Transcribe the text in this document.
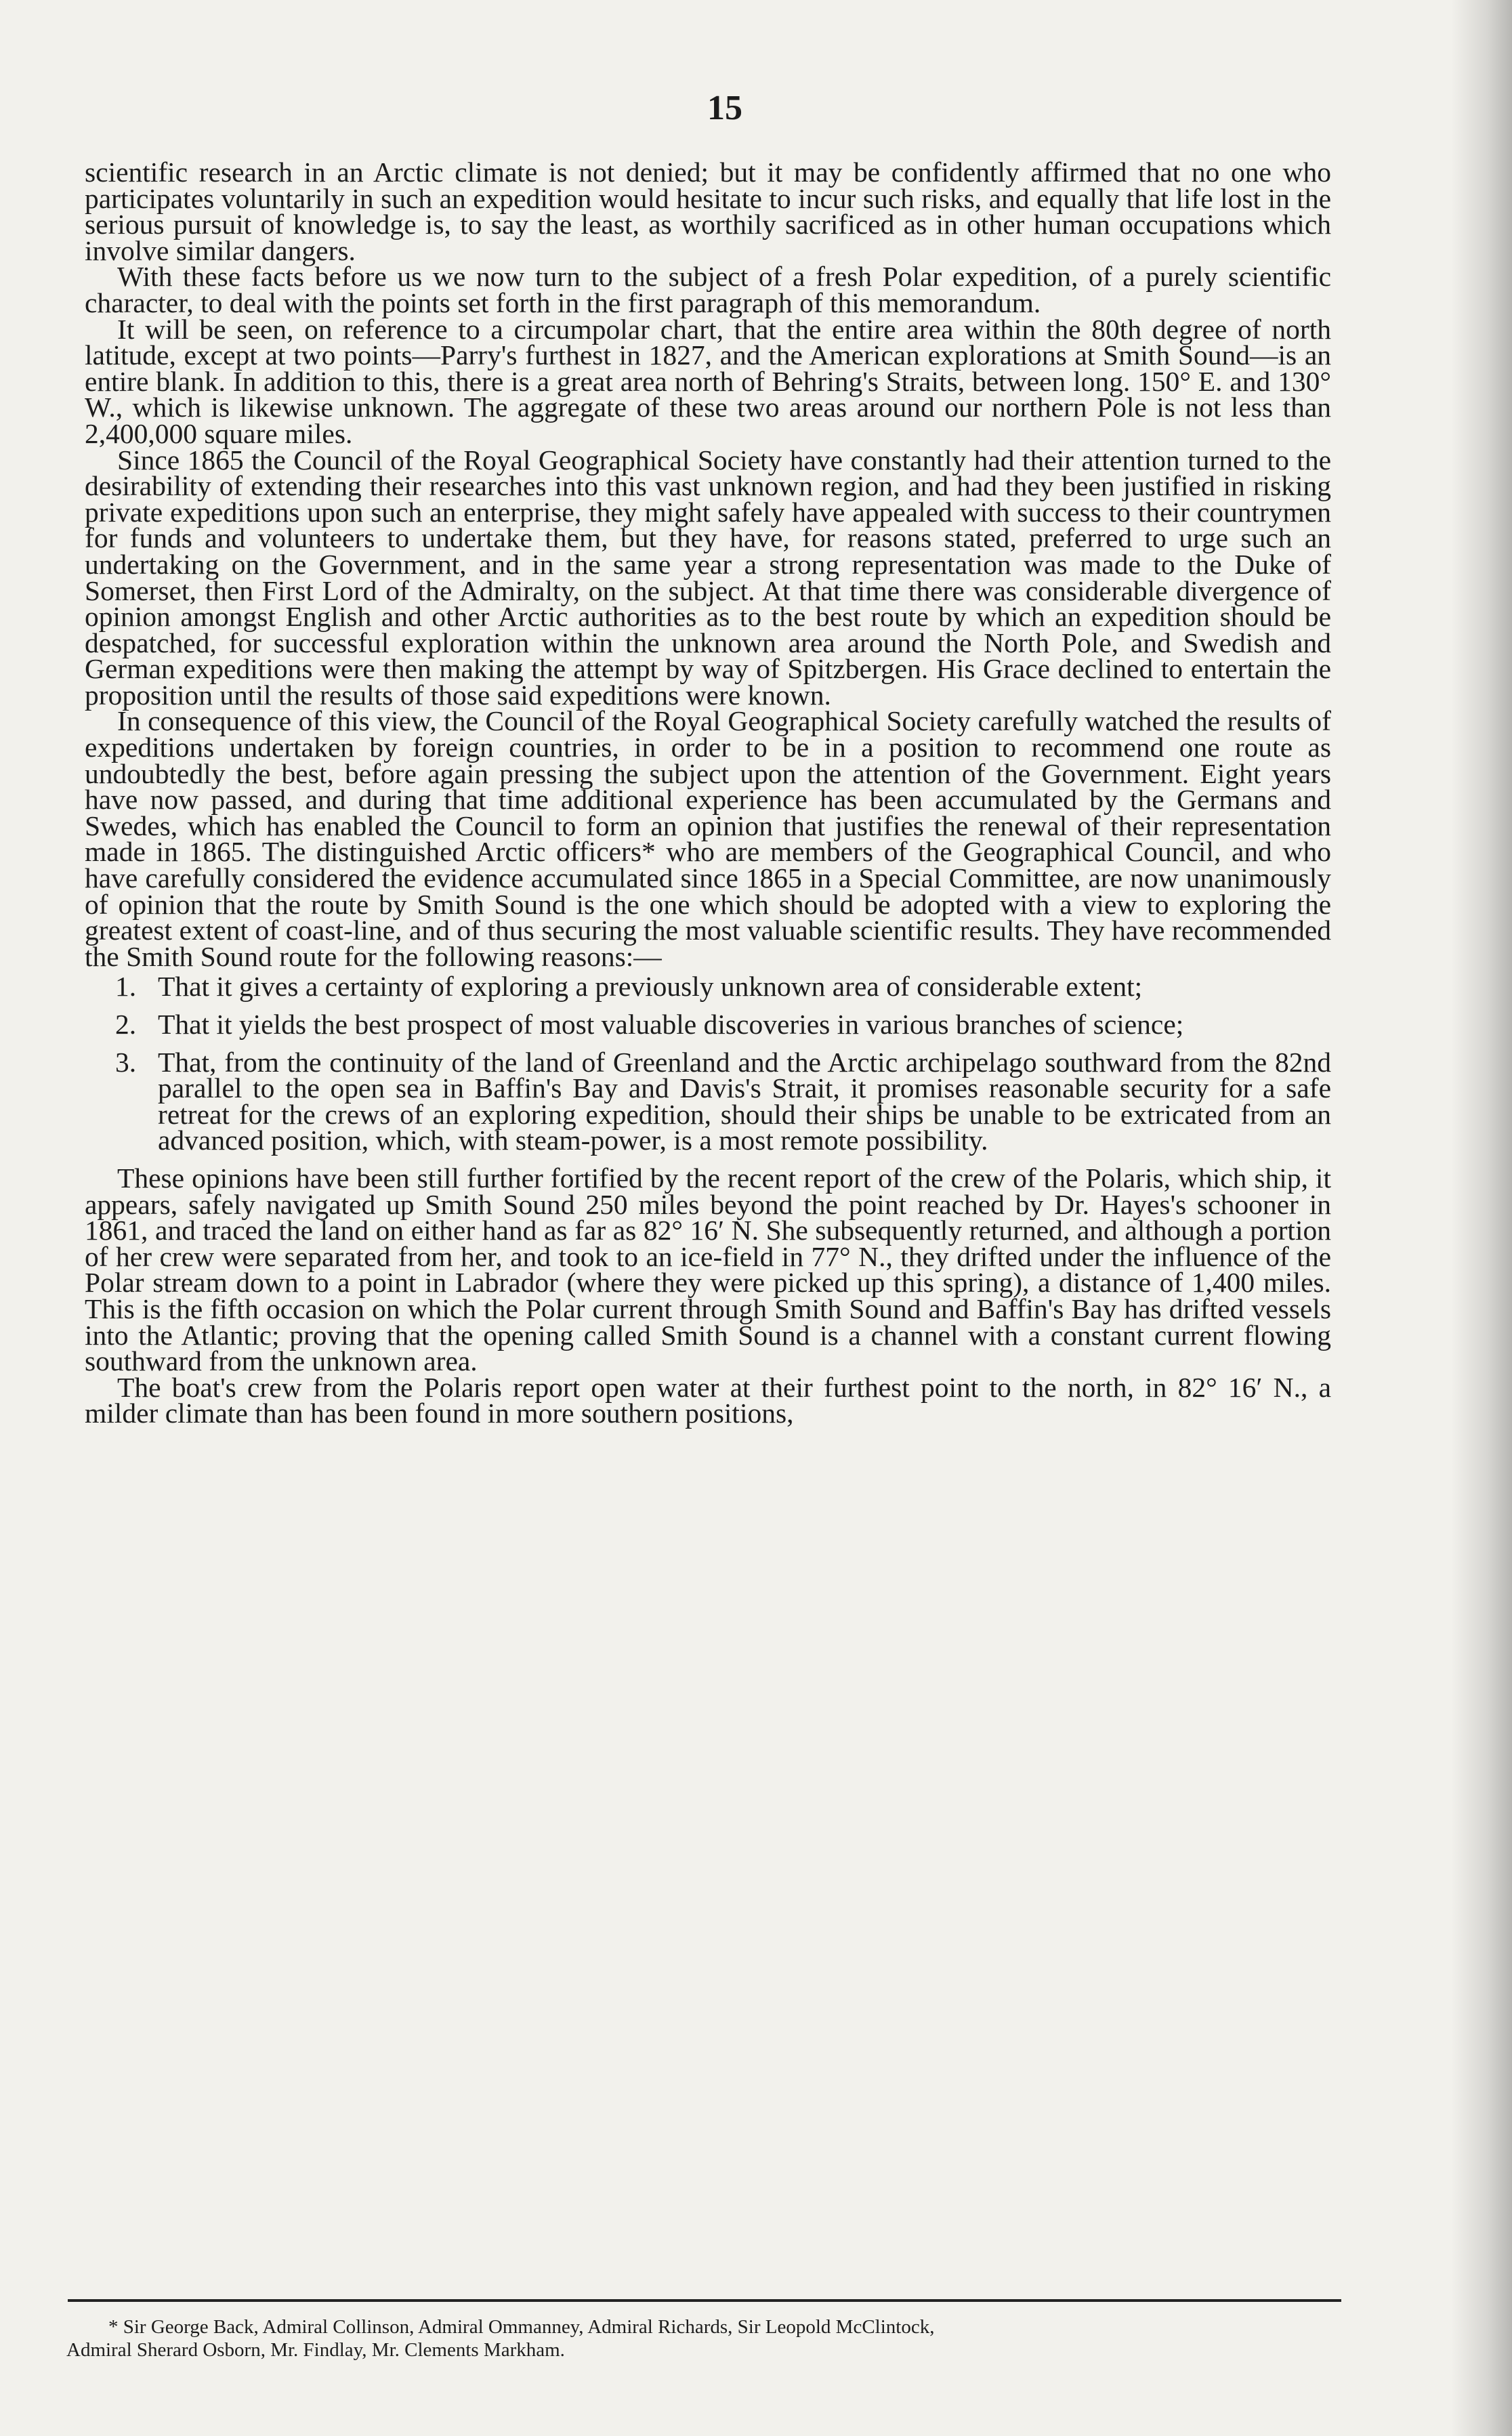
15

scientific research in an Arctic climate is not denied; but it may be confidently affirmed that no one who participates voluntarily in such an expedition would hesitate to incur such risks, and equally that life lost in the serious pursuit of knowledge is, to say the least, as worthily sacrificed as in other human occupations which involve similar dangers.

With these facts before us we now turn to the subject of a fresh Polar expedition, of a purely scientific character, to deal with the points set forth in the first paragraph of this memorandum.

It will be seen, on reference to a circumpolar chart, that the entire area within the 80th degree of north latitude, except at two points—Parry's furthest in 1827, and the American explorations at Smith Sound—is an entire blank. In addition to this, there is a great area north of Behring's Straits, between long. 150° E. and 130° W., which is likewise unknown. The aggregate of these two areas around our northern Pole is not less than 2,400,000 square miles.

Since 1865 the Council of the Royal Geographical Society have constantly had their attention turned to the desirability of extending their researches into this vast unknown region, and had they been justified in risking private expeditions upon such an enterprise, they might safely have appealed with success to their countrymen for funds and volunteers to undertake them, but they have, for reasons stated, preferred to urge such an undertaking on the Government, and in the same year a strong representation was made to the Duke of Somerset, then First Lord of the Admiralty, on the subject. At that time there was considerable divergence of opinion amongst English and other Arctic authorities as to the best route by which an expedition should be despatched, for successful exploration within the unknown area around the North Pole, and Swedish and German expeditions were then making the attempt by way of Spitzbergen. His Grace declined to entertain the proposition until the results of those said expeditions were known.

In consequence of this view, the Council of the Royal Geographical Society carefully watched the results of expeditions undertaken by foreign countries, in order to be in a position to recommend one route as undoubtedly the best, before again pressing the subject upon the attention of the Government. Eight years have now passed, and during that time additional experience has been accumulated by the Germans and Swedes, which has enabled the Council to form an opinion that justifies the renewal of their representation made in 1865. The distinguished Arctic officers* who are members of the Geographical Council, and who have carefully considered the evidence accumulated since 1865 in a Special Committee, are now unanimously of opinion that the route by Smith Sound is the one which should be adopted with a view to exploring the greatest extent of coast-line, and of thus securing the most valuable scientific results. They have recommended the Smith Sound route for the following reasons:—

1. That it gives a certainty of exploring a previously unknown area of considerable extent;
2. That it yields the best prospect of most valuable discoveries in various branches of science;
3. That, from the continuity of the land of Greenland and the Arctic archipelago southward from the 82nd parallel to the open sea in Baffin's Bay and Davis's Strait, it promises reasonable security for a safe retreat for the crews of an exploring expedition, should their ships be unable to be extricated from an advanced position, which, with steam-power, is a most remote possibility.

These opinions have been still further fortified by the recent report of the crew of the Polaris, which ship, it appears, safely navigated up Smith Sound 250 miles beyond the point reached by Dr. Hayes's schooner in 1861, and traced the land on either hand as far as 82° 16′ N. She subsequently returned, and although a portion of her crew were separated from her, and took to an ice-field in 77° N., they drifted under the influence of the Polar stream down to a point in Labrador (where they were picked up this spring), a distance of 1,400 miles. This is the fifth occasion on which the Polar current through Smith Sound and Baffin's Bay has drifted vessels into the Atlantic; proving that the opening called Smith Sound is a channel with a constant current flowing southward from the unknown area.

The boat's crew from the Polaris report open water at their furthest point to the north, in 82° 16′ N., a milder climate than has been found in more southern positions,

* Sir George Back, Admiral Collinson, Admiral Ommanney, Admiral Richards, Sir Leopold McClintock,
Admiral Sherard Osborn, Mr. Findlay, Mr. Clements Markham.
